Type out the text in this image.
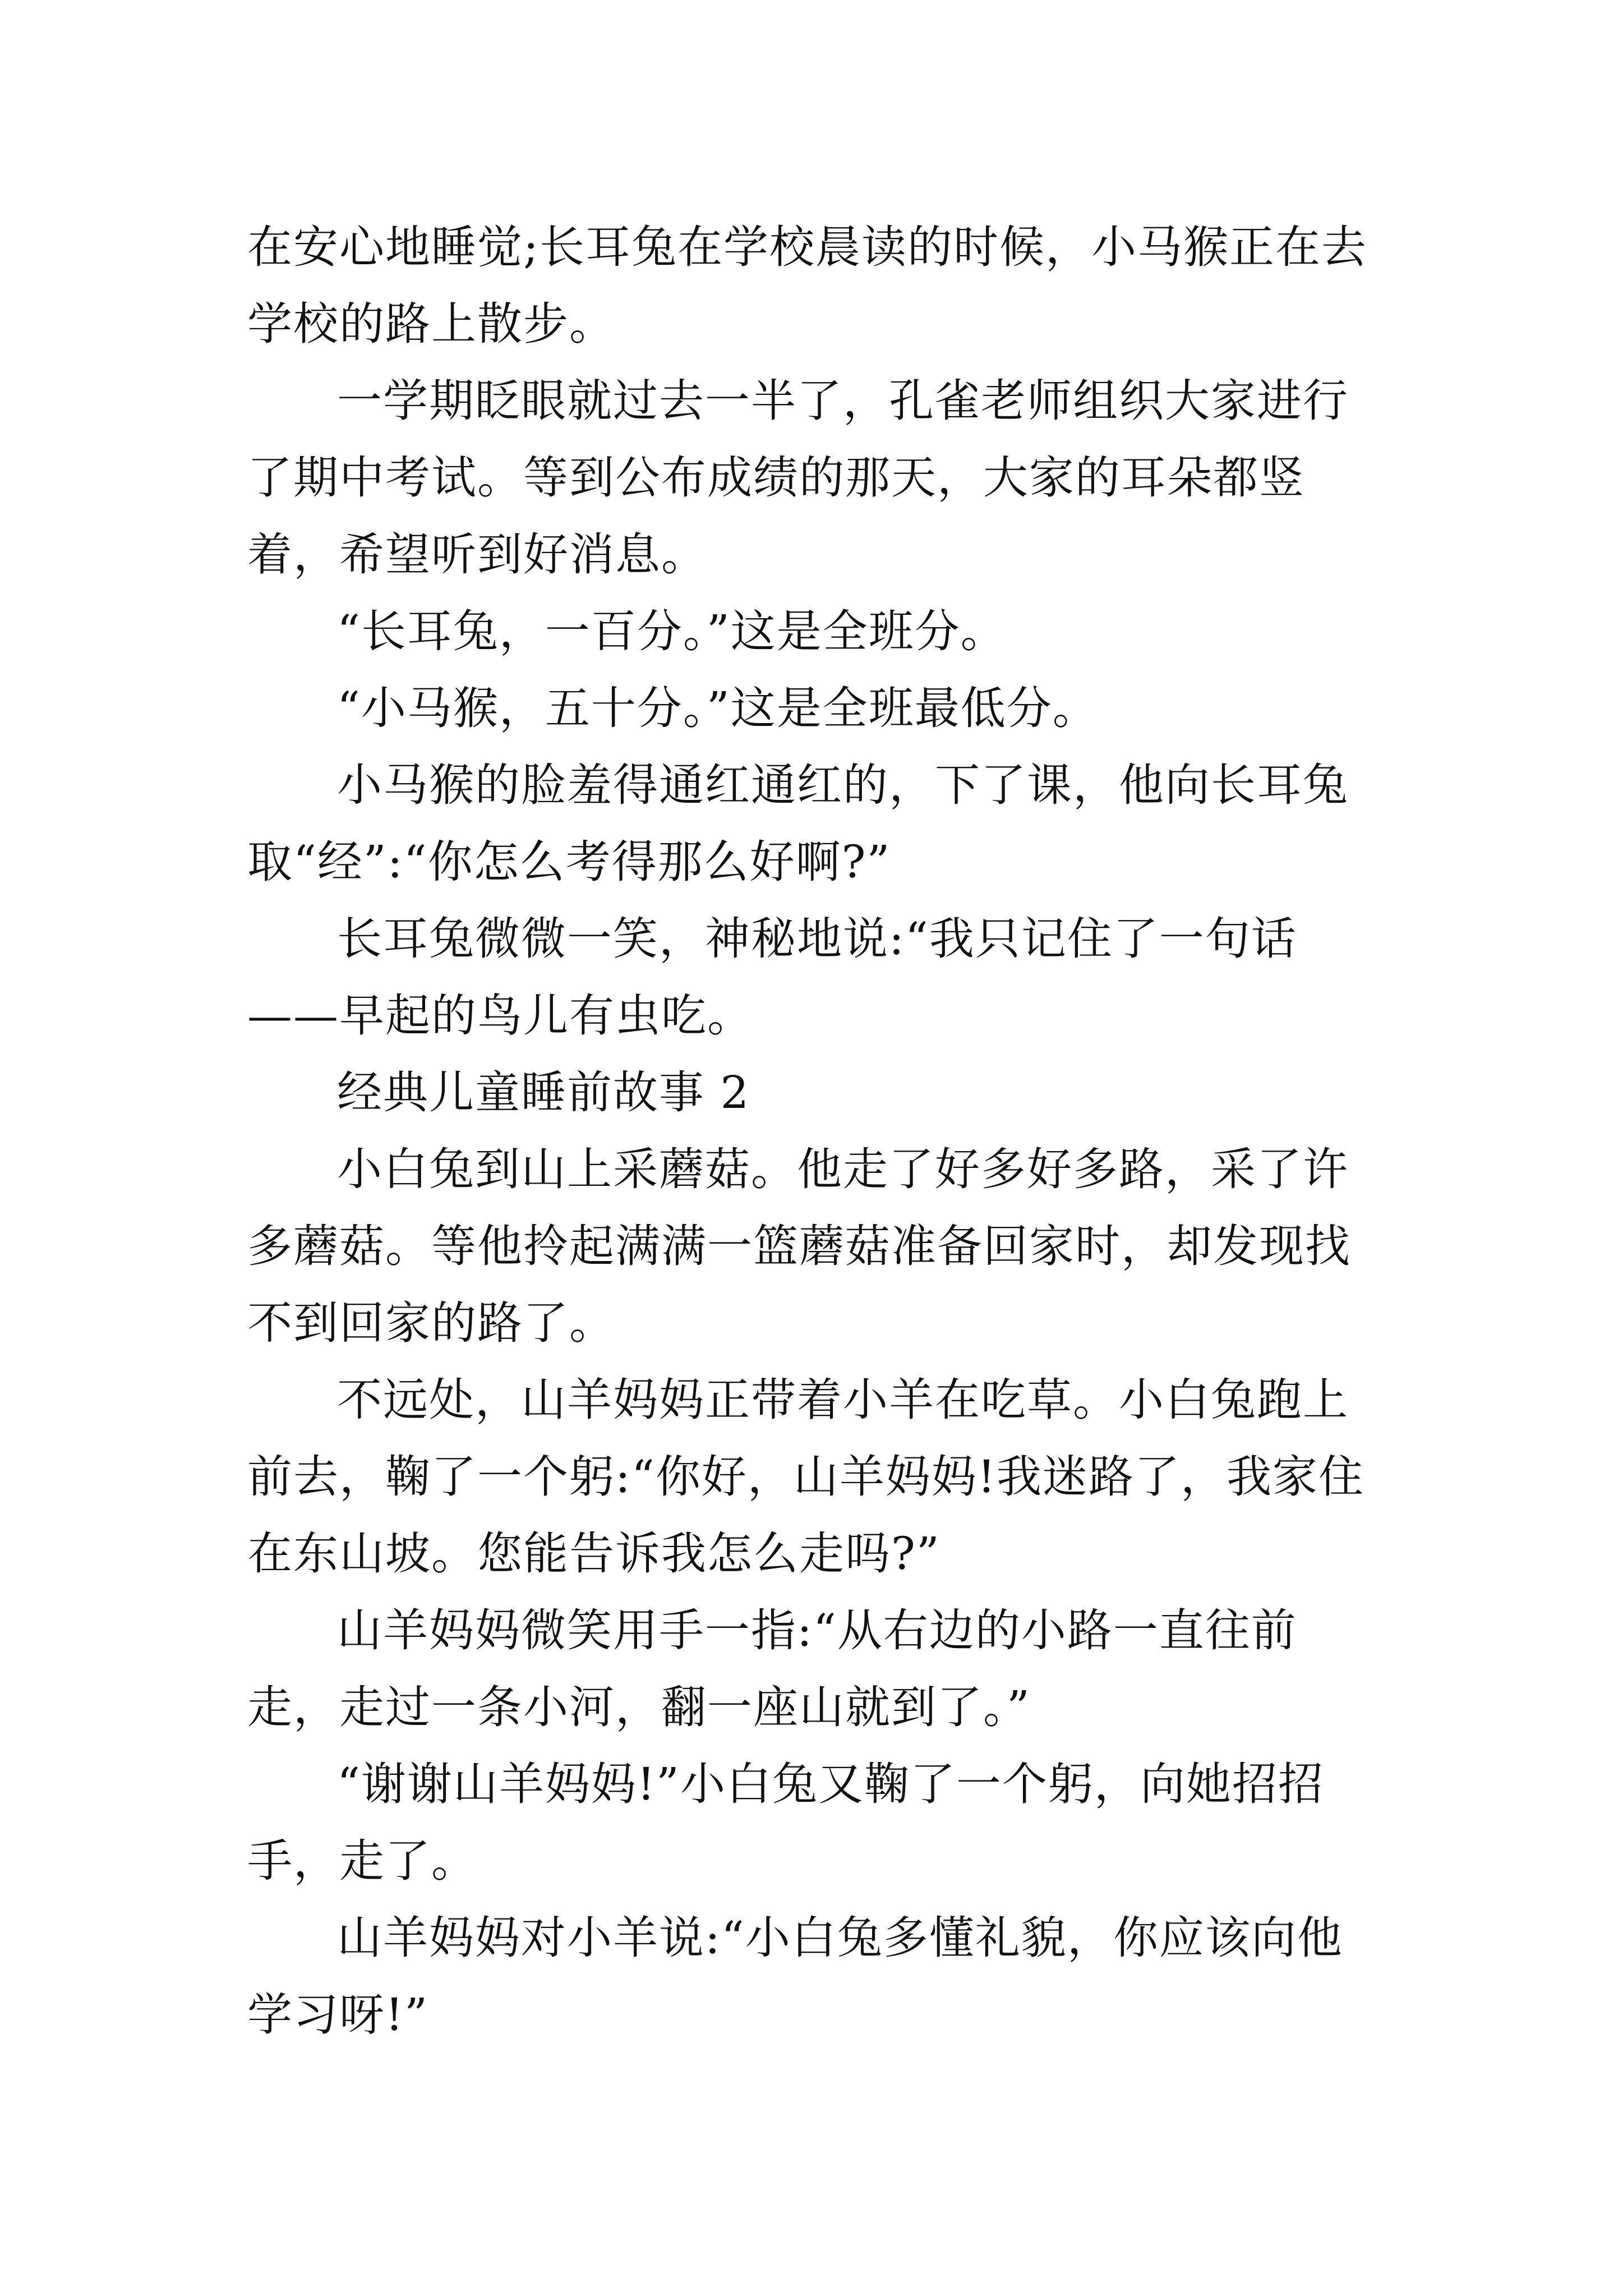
在安心地睡觉;长耳兔在学校晨读的时候，小马猴正在去学校的路上散步。

一学期眨眼就过去一半了，孔雀老师组织大家进行了期中考试。等到公布成绩的那天，大家的耳朵都竖着，希望听到好消息。

“长耳兔，一百分。”这是全班分。

“小马猴，五十分。”这是全班最低分。

小马猴的脸羞得通红通红的，下了课，他向长耳兔取“经”:“你怎么考得那么好啊?”

长耳兔微微一笑，神秘地说:“我只记住了一句话——早起的鸟儿有虫吃。

经典儿童睡前故事 2

小白兔到山上采蘑菇。他走了好多好多路，采了许多蘑菇。等他拎起满满一篮蘑菇准备回家时，却发现找不到回家的路了。

不远处，山羊妈妈正带着小羊在吃草。小白兔跑上前去，鞠了一个躬:“你好，山羊妈妈!我迷路了，我家住在东山坡。您能告诉我怎么走吗?”

山羊妈妈微笑用手一指:“从右边的小路一直往前走，走过一条小河，翻一座山就到了。”

“谢谢山羊妈妈!”小白兔又鞠了一个躬，向她招招手，走了。

山羊妈妈对小羊说:“小白兔多懂礼貌，你应该向他学习呀!”
